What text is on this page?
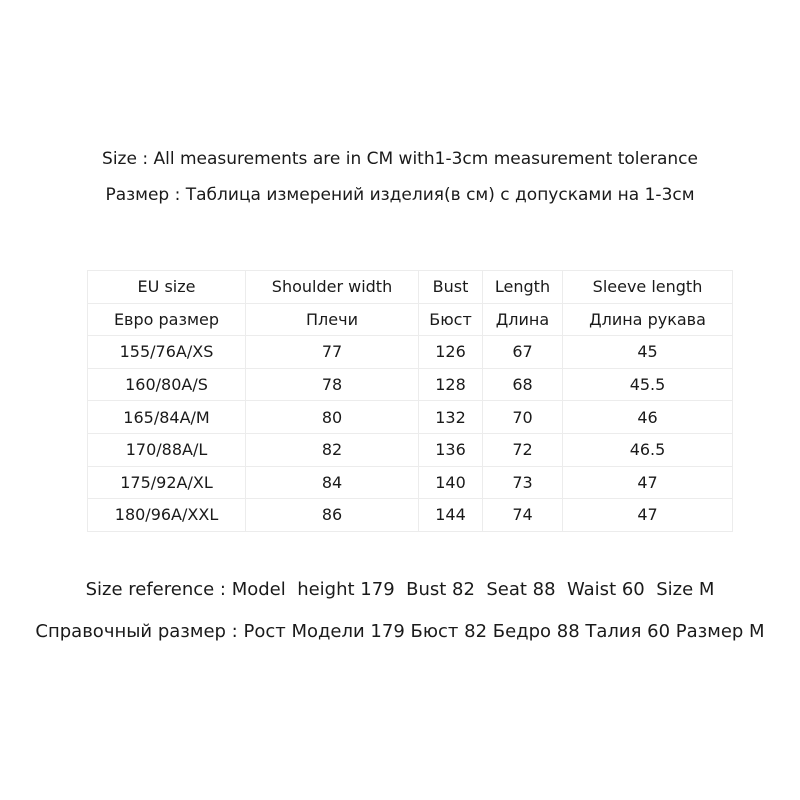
Size : All measurements are in CM with1-3cm measurement tolerance
Размер : Таблица измерений изделия(в см) с допусками на 1-3см
EU size	Shoulder width	Bust	Length	Sleeve length
Евро размер	Плечи	Бюст	Длина	Длина рукава
155/76A/XS	77	126	67	45
160/80A/S	78	128	68	45.5
165/84A/M	80	132	70	46
170/88A/L	82	136	72	46.5
175/92A/XL	84	140	73	47
180/96A/XXL	86	144	74	47
Size reference : Model  height 179  Bust 82  Seat 88  Waist 60  Size M
Справочный размер : Рост Модели 179 Бюст 82 Бедро 88 Талия 60 Размер M
